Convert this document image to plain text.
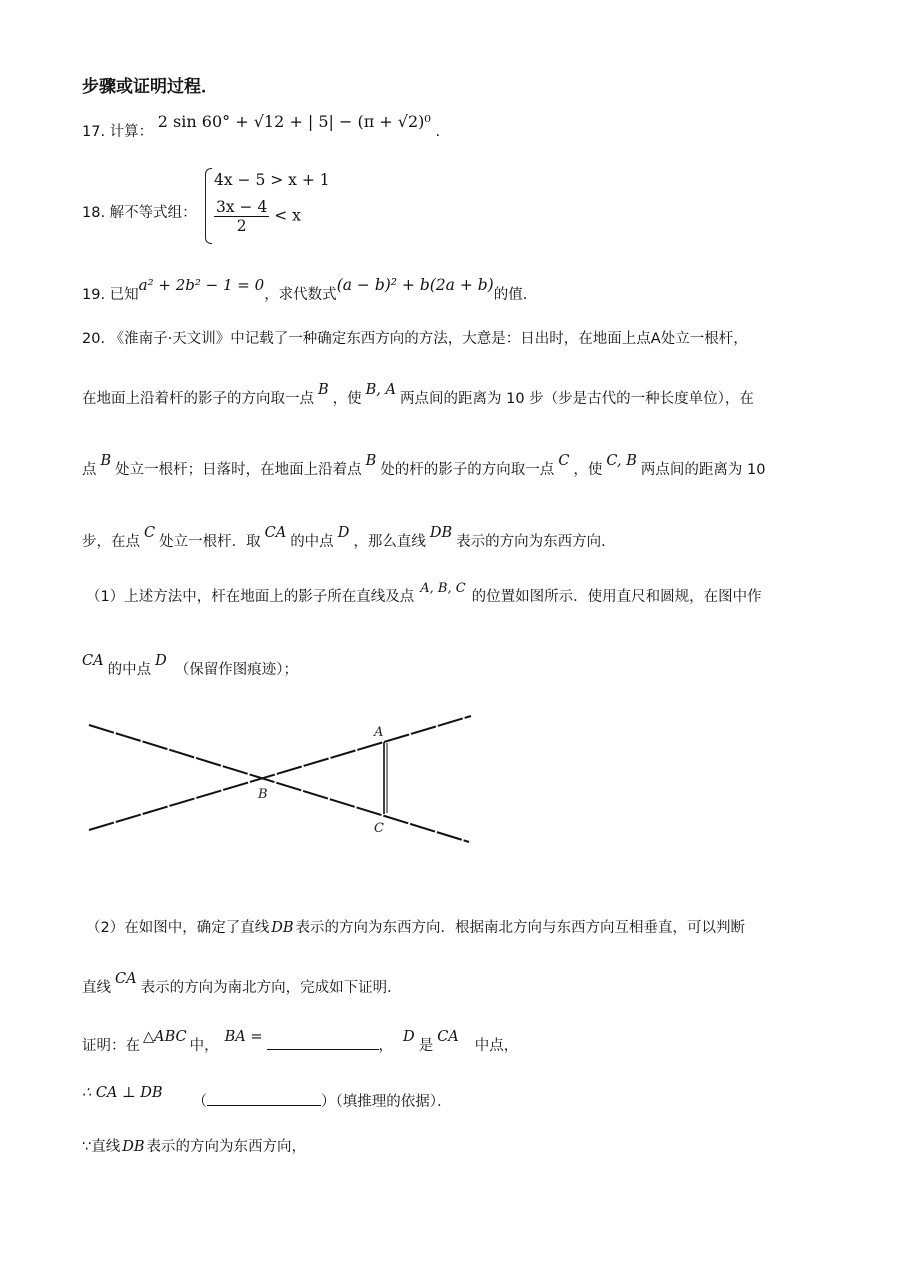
步骤或证明过程．
17. 计算： 2 sin 60° + √12 + | 5| − (π + √2)⁰ .
18. 解不等式组：
4x − 5 > x + 1
$\frac{3x - 4}{2} < x$
19. 已知a² + 2b² − 1 = 0，求代数式(a − b)² + b(2a + b)的值.
20. 《淮南子·天文训》中记载了一种确定东西方向的方法，大意是：日出时，在地面上点A处立一根杆，
在地面上沿着杆的影子的方向取一点B，使B, A两点间的距离为 10 步（步是古代的一种长度单位），在
点B处立一根杆；日落时，在地面上沿着点B处的杆的影子的方向取一点C，使C, B两点间的距离为 10
步，在点C处立一根杆．取CA的中点D，那么直线DB表示的方向为东西方向．
（1）上述方法中，杆在地面上的影子所在直线及点A, B, C的位置如图所示．使用直尺和圆规，在图中作
CA的中点D（保留作图痕迹）；
A
B
C
（2）在如图中，确定了直线 DB 表示的方向为东西方向．根据南北方向与东西方向互相垂直，可以判断
直线CA表示的方向为南北方向，完成如下证明．
证明：在△ABC中，BA =，D是CA中点，
∴ CA ⊥ DB（	）（填推理的依据）．
∵直线 DB 表示的方向为东西方向，
